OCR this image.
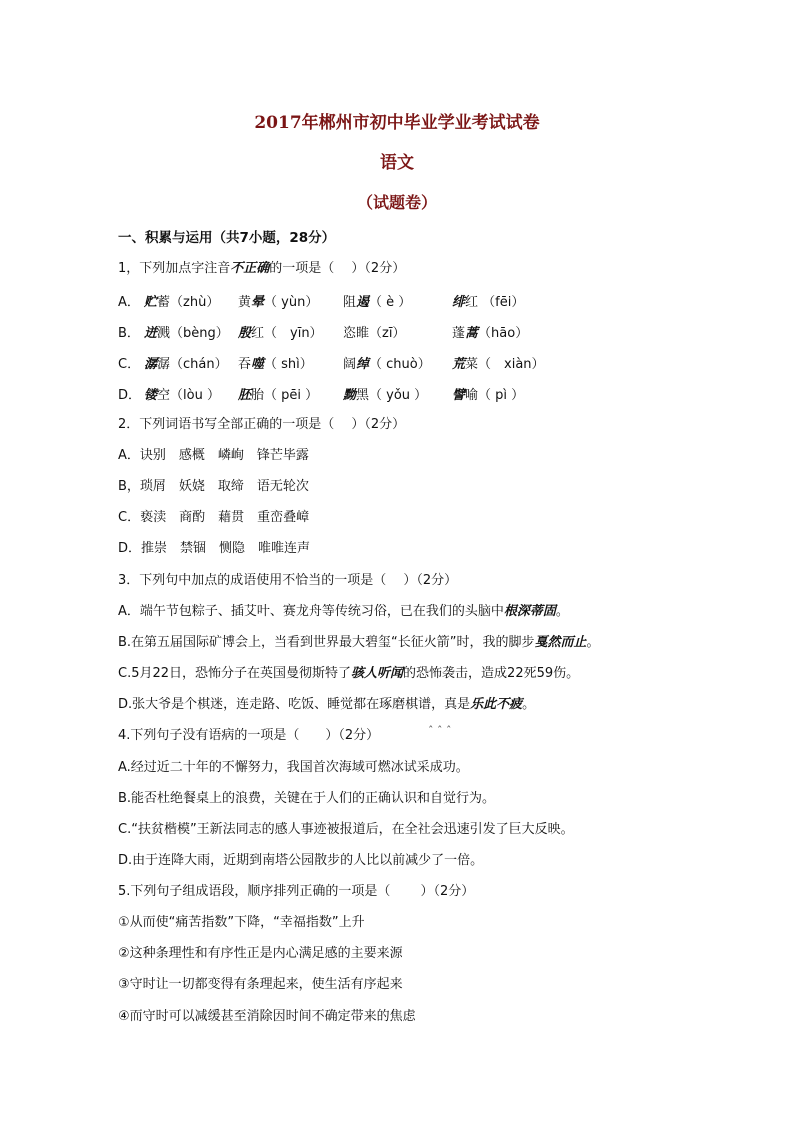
2017年郴州市初中毕业学业考试试卷
语文
（试题卷）
一、积累与运用（共7小题，28分）
1，下列加点字注音不正确的一项是（　 ）（2分）
A． 贮蓄（zhù） 黄晕（ yùn） 阻遏（ è ）	绯红 （fēi）
B． 迸溅（bèng） 殷红（　yīn） 恣睢（zī）	蓬蒿（hāo）
C． 潺潺（chán） 吞噬（ shì） 阔绰（ chuò） 荒菜（　xiàn）
D． 镂空（lòu ） 胚胎（ pēi ） 黝黑（ yǒu ） 譬喻（ pì ）
2．下列词语书写全部正确的一项是（　 ）（2分）
A．诀别　感概　嶙峋　锋芒毕露
B，琐屑　妖娆　取缔　语无轮次
C．亵渎　商酌　藉贯　重峦叠嶂
D．推崇　禁锢　恻隐　唯唯连声
3．下列句中加点的成语使用不恰当的一项是（　 ）（2分）
A．端午节包粽子、插艾叶、赛龙舟等传统习俗，已在我们的头脑中根深蒂固。
B.在第五届国际矿博会上，当看到世界最大碧玺“长征火箭”时，我的脚步戛然而止。
C.5月22日，恐怖分子在英国曼彻斯特了骇人听闻的恐怖袭击，造成22死59伤。
D.张大爷是个棋迷，连走路、吃饭、睡觉都在琢磨棋谱，真是乐此不疲。
4.下列句子没有语病的一项是（　　）（2分）	ˆ ˆ ˆ
A.经过近二十年的不懈努力，我国首次海域可燃冰试采成功。
B.能否杜绝餐桌上的浪费，关键在于人们的正确认识和自觉行为。
C.“扶贫楷模”王新法同志的感人事迹被报道后，在全社会迅速引发了巨大反映。
D.由于连降大雨，近期到南塔公园散步的人比以前减少了一倍。
5.下列句子组成语段，顺序排列正确的一项是（　　 ）（2分）
①从而使“痛苦指数”下降，“幸福指数”上升
②这种条理性和有序性正是内心满足感的主要来源
③守时让一切都变得有条理起来，使生活有序起来
④而守时可以减缓甚至消除因时间不确定带来的焦虑
